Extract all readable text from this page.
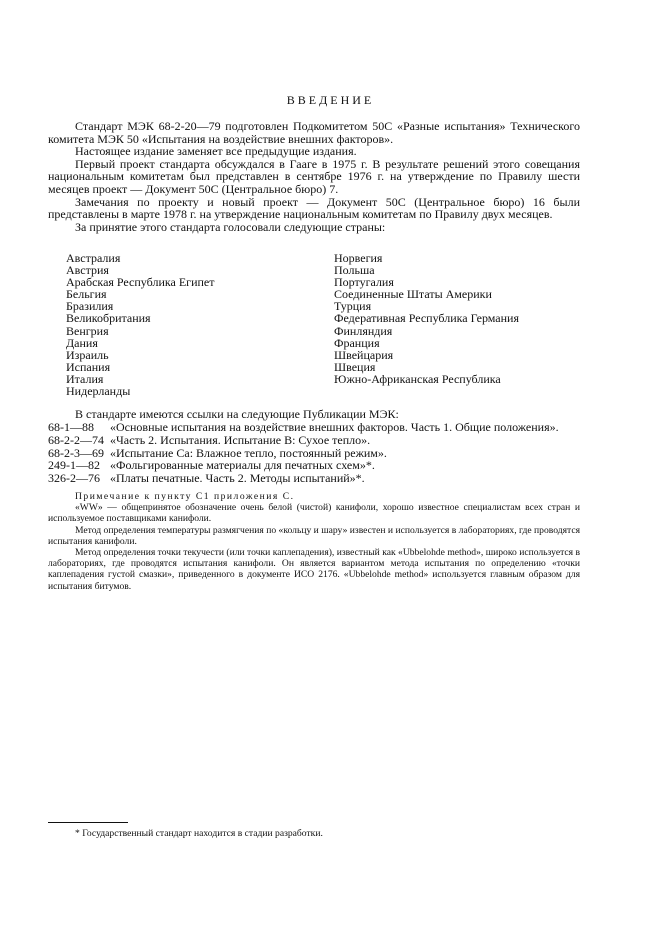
ВВЕДЕНИЕ

Стандарт МЭК 68-2-20—79 подготовлен Подкомитетом 50С «Разные испытания» Технического комитета МЭК 50 «Испытания на воздействие внешних факторов».

Настоящее издание заменяет все предыдущие издания.

Первый проект стандарта обсуждался в Гааге в 1975 г. В результате решений этого совещания национальным комитетам был представлен в сентябре 1976 г. на утверждение по Правилу шести месяцев проект — Документ 50С (Центральное бюро) 7.

Замечания по проекту и новый проект — Документ 50С (Центральное бюро) 16 были представлены в марте 1978 г. на утверждение национальным комитетам по Правилу двух месяцев.

За принятие этого стандарта голосовали следующие страны:

Австралия
Австрия
Арабская Республика Египет
Бельгия
Бразилия
Великобритания
Венгрия
Дания
Израиль
Испания
Италия
Нидерланды
Норвегия
Польша
Португалия
Соединенные Штаты Америки
Турция
Федеративная Республика Германия
Финляндия
Франция
Швейцария
Швеция
Южно-Африканская Республика
В стандарте имеются ссылки на следующие Публикации МЭК:
68-1—88 «Основные испытания на воздействие внешних факторов. Часть 1. Общие положения».
68-2-2—74 «Часть 2. Испытания. Испытание В: Сухое тепло».
68-2-3—69 «Испытание Са: Влажное тепло, постоянный режим».
249-1—82 «Фольгированные материалы для печатных схем»*.
326-2—76 «Платы печатные. Часть 2. Методы испытаний»*.

Примечание к пункту С1 приложения С.

«WW» — общепринятое обозначение очень белой (чистой) канифоли, хорошо известное специалистам всех стран и используемое поставщиками канифоли.

Метод определения температуры размягчения по «кольцу и шару» известен и используется в лабораториях, где проводятся испытания канифоли.

Метод определения точки текучести (или точки каплепадения), известный как «Ubbelohde method», широко используется в лабораториях, где проводятся испытания канифоли. Он является вариантом метода испытания по определению «точки каплепадения густой смазки», приведенного в документе ИСО 2176. «Ubbelohde method» используется главным образом для испытания битумов.

* Государственный стандарт находится в стадии разработки.
